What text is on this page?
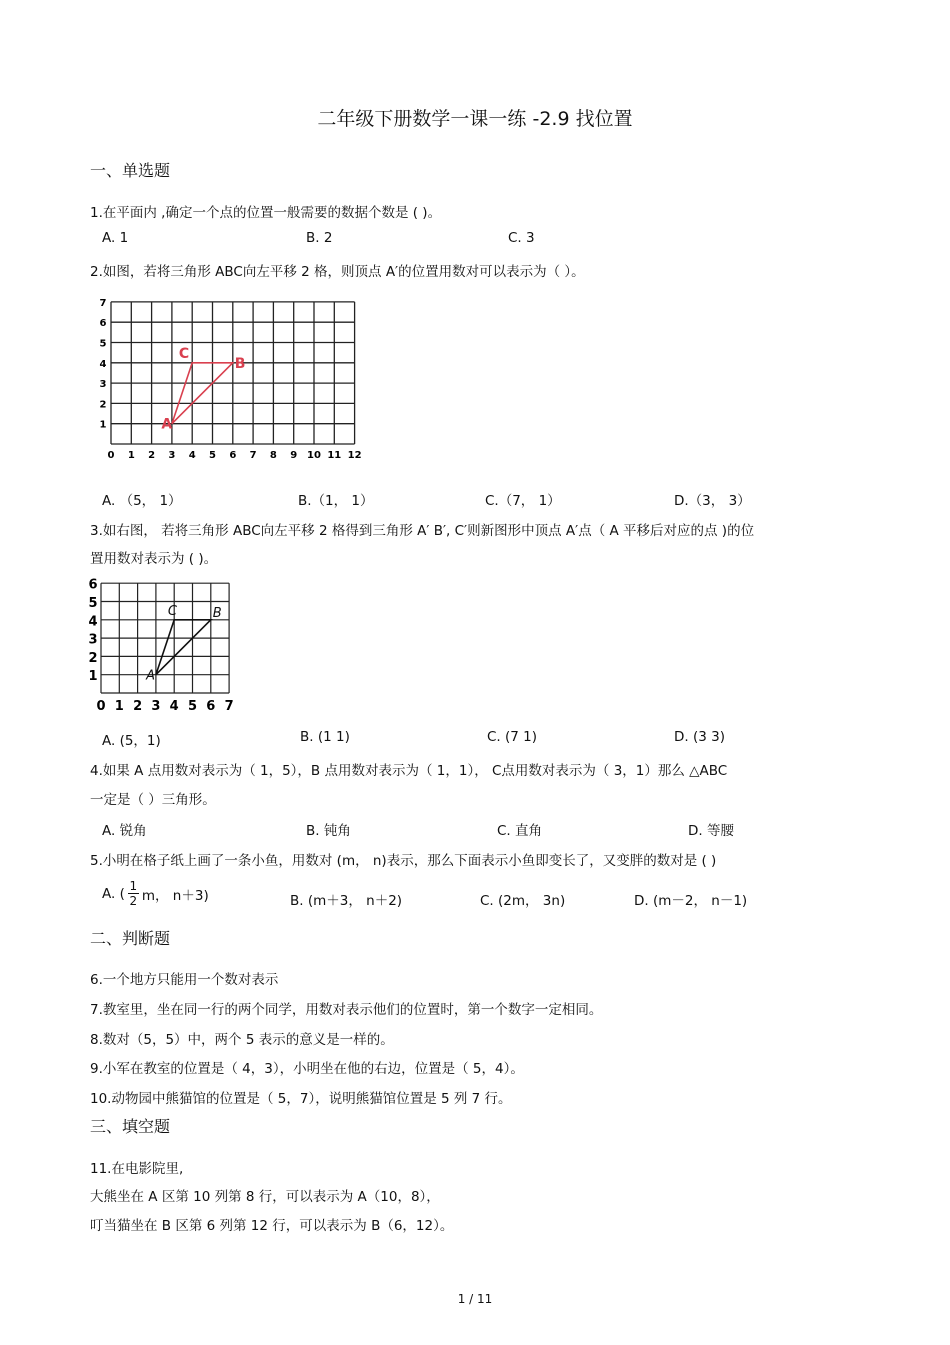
二年级下册数学一课一练 -2.9 找位置
一、单选题
1.在平面内 ,确定一个点的位置一般需要的数据个数是 ( )。
A. 1	B. 2	C. 3
2.如图，若将三角形 ABC向左平移 2 格，则顶点 A′的位置用数对可以表示为（ ）。
0 1 2 3 4 5 6 7 8 9 10 11 12
1
2
3
4
5
6
7
A
B
C
A. （5， 1）	B.（1， 1）	C.（7， 1）	D.（3， 3）
3.如右图， 若将三角形 ABC向左平移 2 格得到三角形 A′ B′, C′则新图形中顶点 A′点（ A 平移后对应的点 )的位
置用数对表示为 ( )。
0 1 2 3 4 5 6 7
1
2
3
4
5
6
A
B
C
A. (5，1)	B. (1 1)	C. (7 1)	D. (3 3)
4.如果 A 点用数对表示为（ 1，5），B 点用数对表示为（ 1，1）， C点用数对表示为（ 3，1）那么 △ABC
一定是（ ）三角形。
A. 锐角	B. 钝角	C. 直角	D. 等腰
5.小明在格子纸上画了一条小鱼，用数对 (m， n)表示，那么下面表示小鱼即变长了，又变胖的数对是 ( )
A. ( 1
2 m， n＋3)	B. (m＋3， n＋2)	C. (2m， 3n)	D. (m－2， n－1)
二、判断题
6.一个地方只能用一个数对表示
7.教室里，坐在同一行的两个同学，用数对表示他们的位置时，第一个数字一定相同。
8.数对（5，5）中，两个 5 表示的意义是一样的。
9.小军在教室的位置是（ 4，3），小明坐在他的右边，位置是（ 5，4）。
10.动物园中熊猫馆的位置是（ 5，7），说明熊猫馆位置是 5 列 7 行。
三、填空题
11.在电影院里,
大熊坐在 A 区第 10 列第 8 行，可以表示为 A（10，8），
叮当猫坐在 B 区第 6 列第 12 行，可以表示为 B（6，12）。
1 / 11
